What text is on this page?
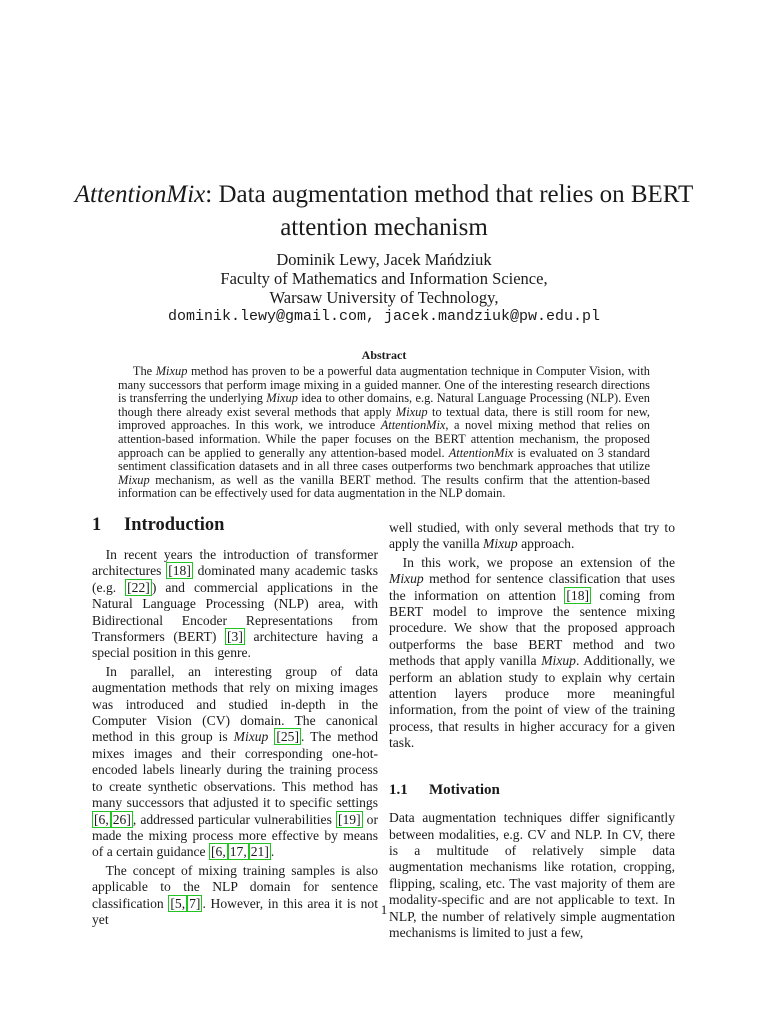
AttentionMix: Data augmentation method that relies on BERT attention mechanism
Dominik Lewy, Jacek Mańdziuk
Faculty of Mathematics and Information Science,
Warsaw University of Technology,
dominik.lewy@gmail.com, jacek.mandziuk@pw.edu.pl
Abstract
The Mixup method has proven to be a powerful data augmentation technique in Computer Vision, with many successors that perform image mixing in a guided manner. One of the interesting research directions is transferring the underlying Mixup idea to other domains, e.g. Natural Language Processing (NLP). Even though there already exist several methods that apply Mixup to textual data, there is still room for new, improved approaches. In this work, we introduce AttentionMix, a novel mixing method that relies on attention-based information. While the paper focuses on the BERT attention mechanism, the proposed approach can be applied to generally any attention-based model. AttentionMix is evaluated on 3 standard sentiment classification datasets and in all three cases outperforms two benchmark approaches that utilize Mixup mechanism, as well as the vanilla BERT method. The results confirm that the attention-based information can be effectively used for data augmentation in the NLP domain.
1 Introduction

In recent years the introduction of transformer architectures [18] dominated many academic tasks (e.g. [22] ) and commercial applications in the Natural Language Processing (NLP) area, with Bidirectional Encoder Representations from Transformers (BERT) [3] architecture having a special position in this genre.

In parallel, an interesting group of data augmentation methods that rely on mixing images was introduced and studied in-depth in the Computer Vision (CV) domain. The canonical method in this group is Mixup [25] . The method mixes images and their corresponding one-hot-encoded labels linearly during the training process to create synthetic observations. This method has many successors that adjusted it to specific settings [6, 26] , addressed particular vulnerabilities [19] or made the mixing process more effective by means of a certain guidance [6, 17, 21] .

The concept of mixing training samples is also applicable to the NLP domain for sentence classification [5, 7] . However, in this area it is not yet

well studied, with only several methods that try to apply the vanilla Mixup approach.

In this work, we propose an extension of the Mixup method for sentence classification that uses the information on attention [18] coming from BERT model to improve the sentence mixing procedure. We show that the proposed approach outperforms the base BERT method and two methods that apply vanilla Mixup. Additionally, we perform an ablation study to explain why certain attention layers produce more meaningful information, from the point of view of the training process, that results in higher accuracy for a given task.

1.1 Motivation

Data augmentation techniques differ significantly between modalities, e.g. CV and NLP. In CV, there is a multitude of relatively simple data augmentation mechanisms like rotation, cropping, flipping, scaling, etc. The vast majority of them are modality-specific and are not applicable to text. In NLP, the number of relatively simple augmentation mechanisms is limited to just a few,

1
